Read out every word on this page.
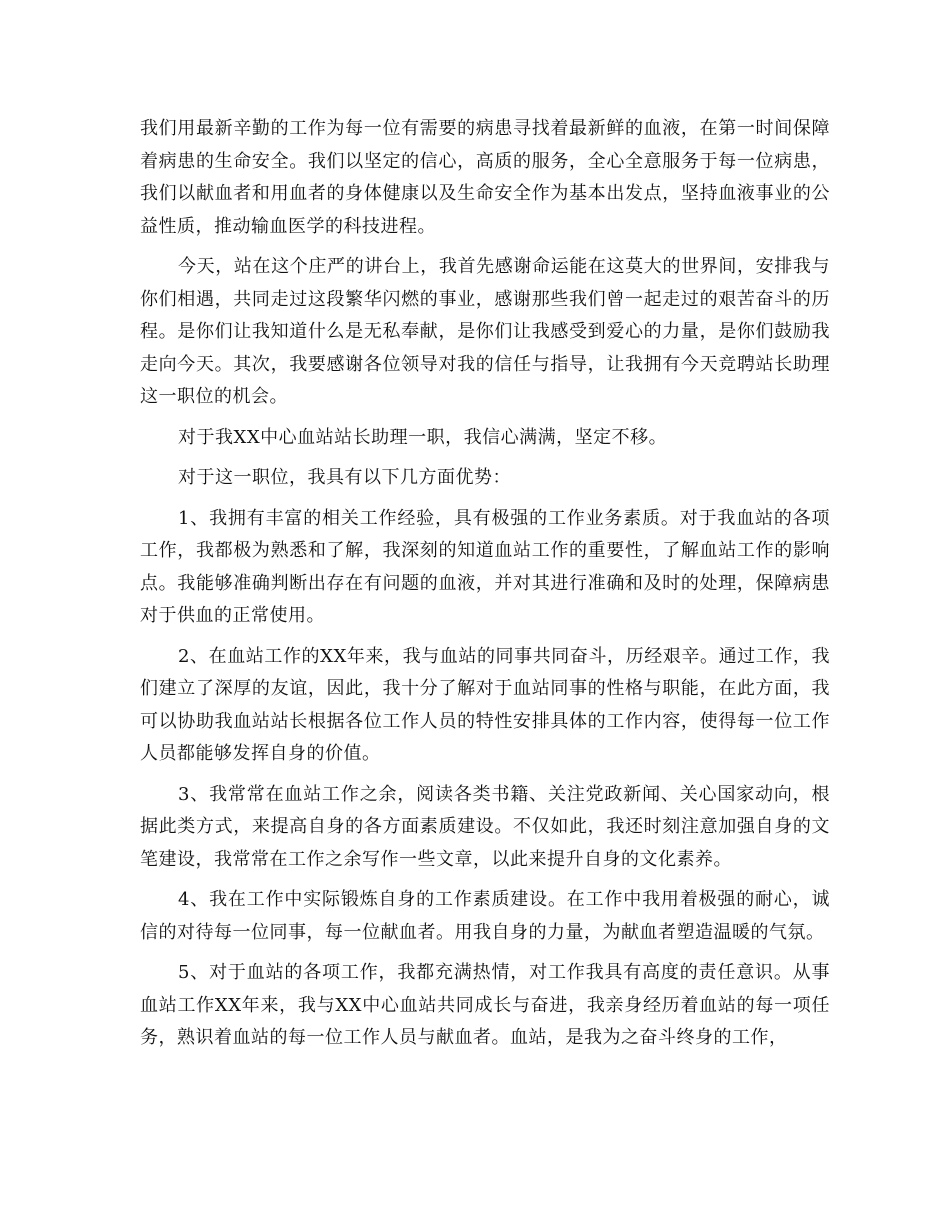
我们用最新辛勤的工作为每一位有需要的病患寻找着最新鲜的血液，在第一时间保障着病患的生命安全。我们以坚定的信心，高质的服务，全心全意服务于每一位病患，我们以献血者和用血者的身体健康以及生命安全作为基本出发点，坚持血液事业的公益性质，推动输血医学的科技进程。

今天，站在这个庄严的讲台上，我首先感谢命运能在这莫大的世界间，安排我与你们相遇，共同走过这段繁华闪燃的事业，感谢那些我们曾一起走过的艰苦奋斗的历程。是你们让我知道什么是无私奉献，是你们让我感受到爱心的力量，是你们鼓励我走向今天。其次，我要感谢各位领导对我的信任与指导，让我拥有今天竞聘站长助理这一职位的机会。

对于我XX中心血站站长助理一职，我信心满满，坚定不移。

对于这一职位，我具有以下几方面优势：

1、我拥有丰富的相关工作经验，具有极强的工作业务素质。对于我血站的各项工作，我都极为熟悉和了解，我深刻的知道血站工作的重要性，了解血站工作的影响点。我能够准确判断出存在有问题的血液，并对其进行准确和及时的处理，保障病患对于供血的正常使用。

2、在血站工作的XX年来，我与血站的同事共同奋斗，历经艰辛。通过工作，我们建立了深厚的友谊，因此，我十分了解对于血站同事的性格与职能，在此方面，我可以协助我血站站长根据各位工作人员的特性安排具体的工作内容，使得每一位工作人员都能够发挥自身的价值。

3、我常常在血站工作之余，阅读各类书籍、关注党政新闻、关心国家动向，根据此类方式，来提高自身的各方面素质建设。不仅如此，我还时刻注意加强自身的文笔建设，我常常在工作之余写作一些文章，以此来提升自身的文化素养。

4、我在工作中实际锻炼自身的工作素质建设。在工作中我用着极强的耐心，诚信的对待每一位同事，每一位献血者。用我自身的力量，为献血者塑造温暖的气氛。

5、对于血站的各项工作，我都充满热情，对工作我具有高度的责任意识。从事血站工作XX年来，我与XX中心血站共同成长与奋进，我亲身经历着血站的每一项任务，熟识着血站的每一位工作人员与献血者。血站，是我为之奋斗终身的工作，
